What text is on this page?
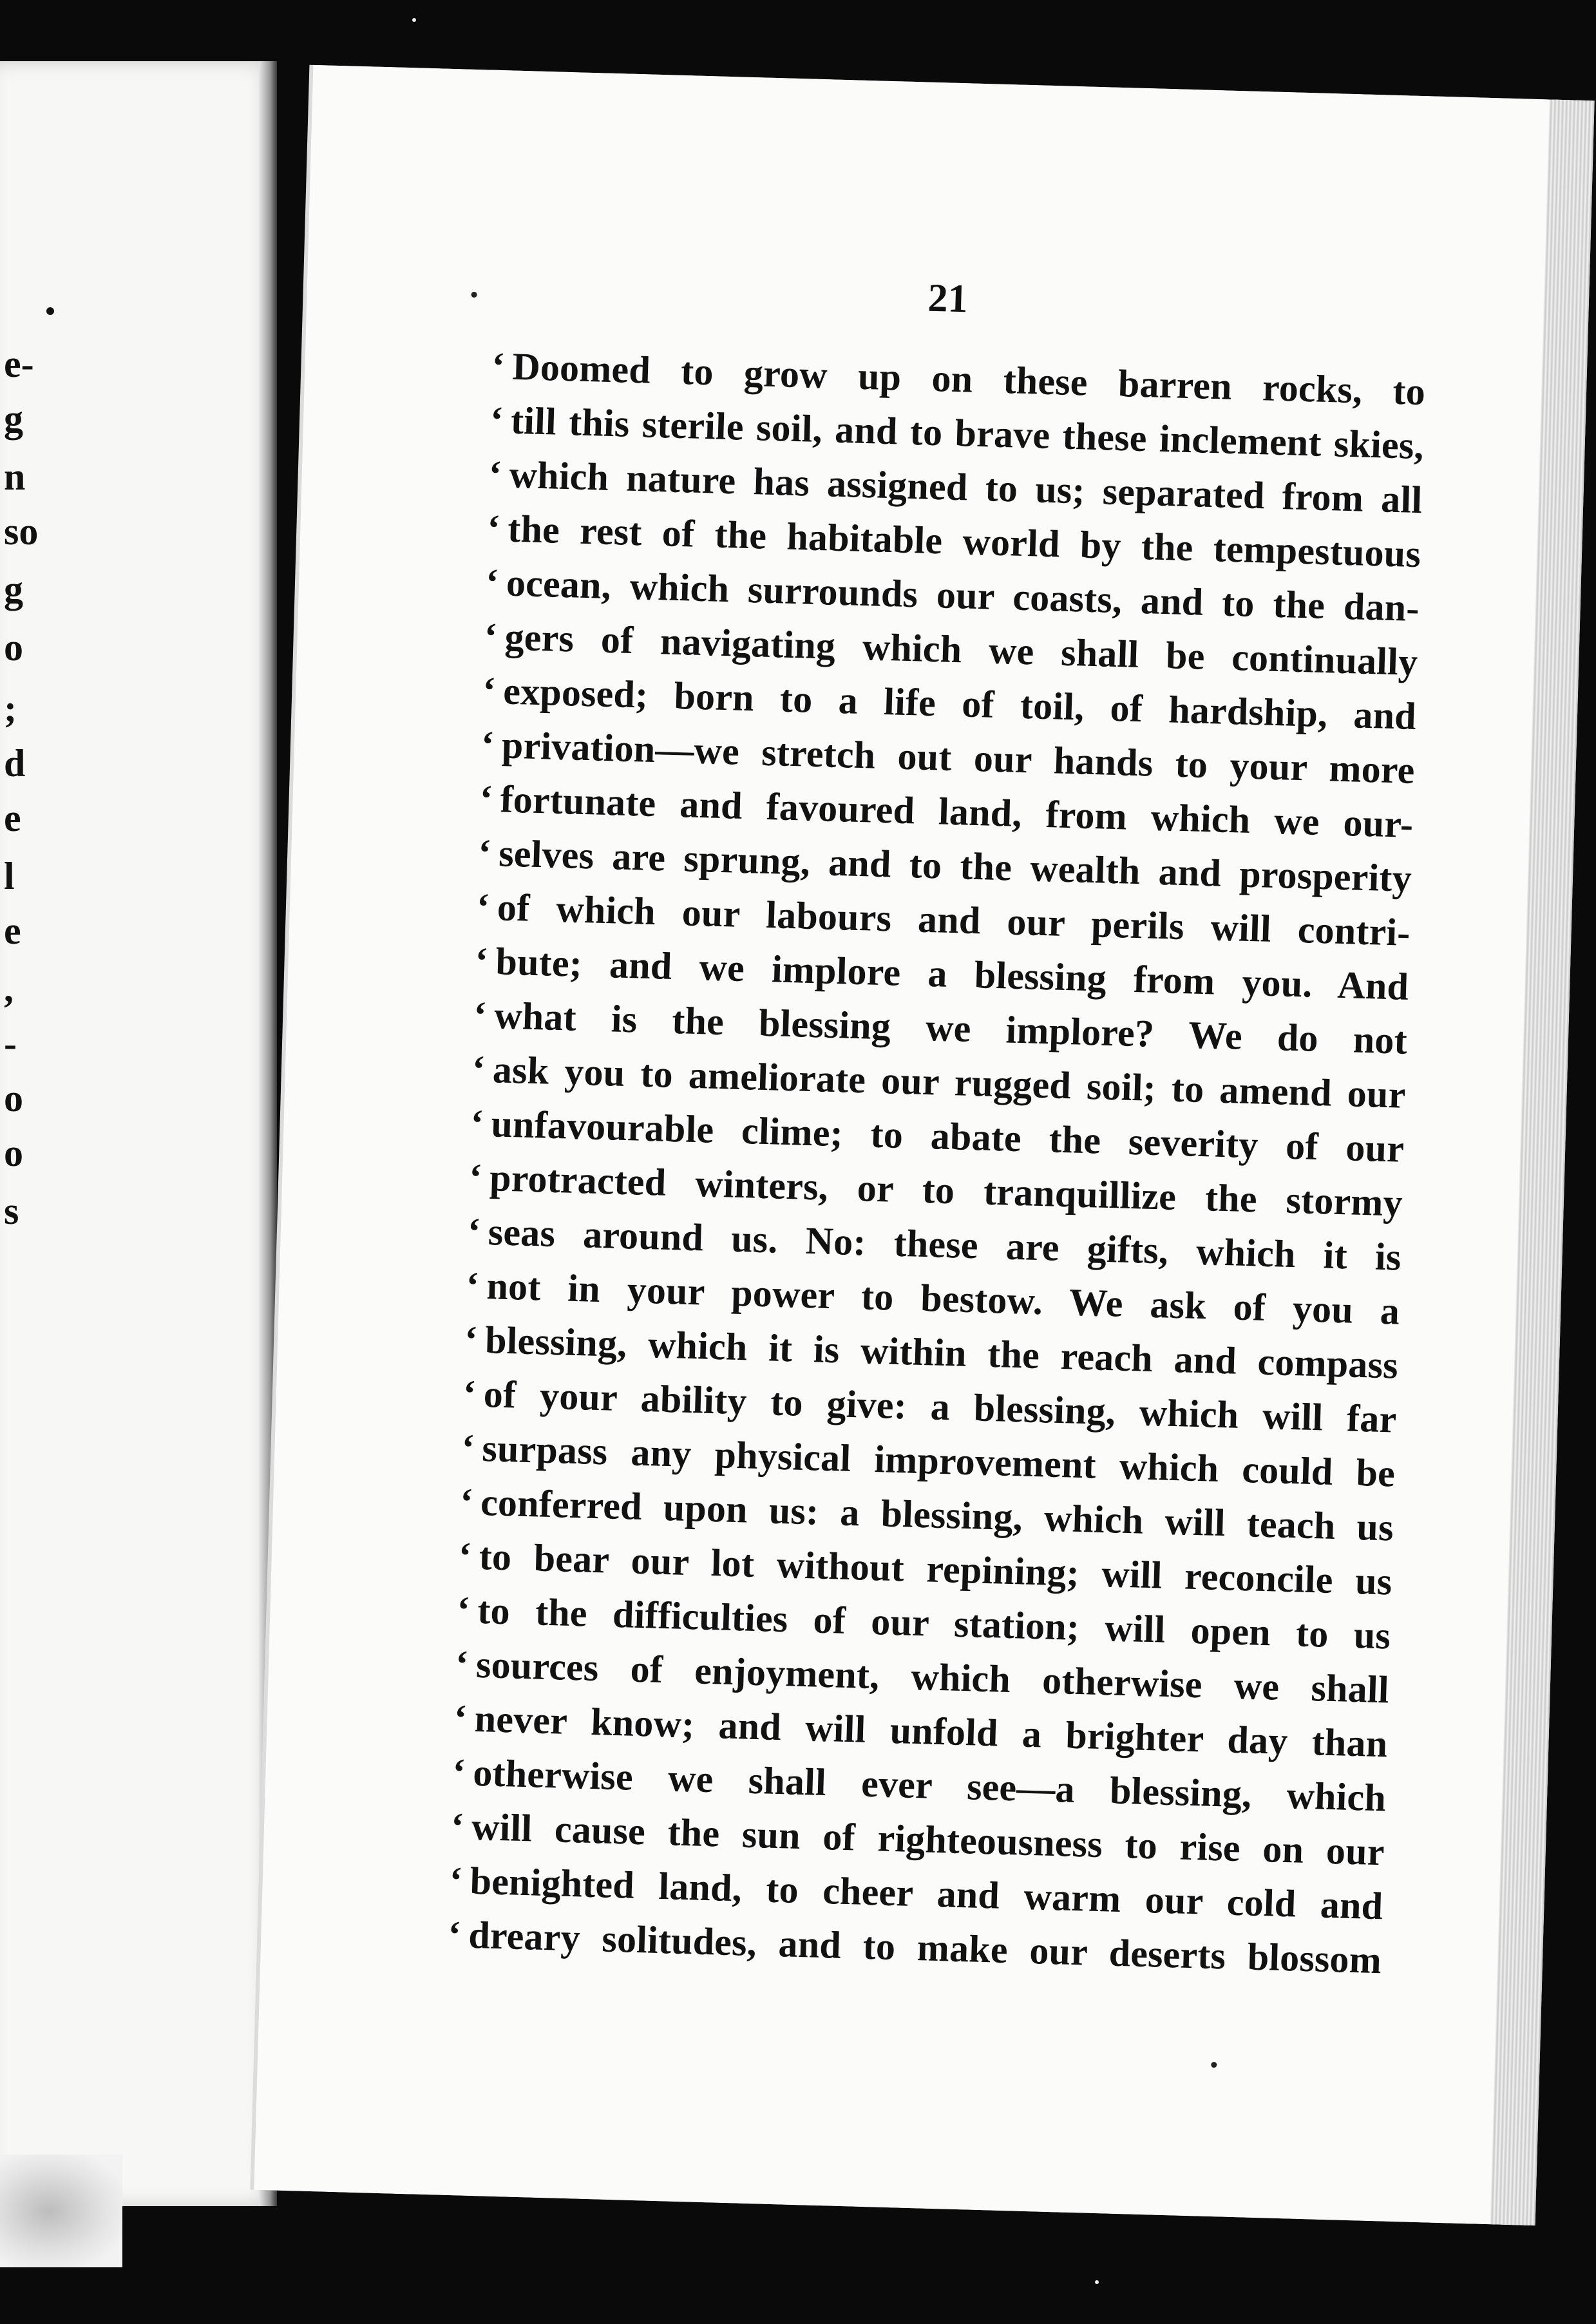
e-
g
n
so
g
o
;
d
e
l
e
,
-
o
o
s
21
‘ Doomed to grow up on these barren rocks, to
‘ till this sterile soil, and to brave these inclement skies,
‘ which nature has assigned to us; separated from all
‘ the rest of the habitable world by the tempestuous
‘ ocean, which surrounds our coasts, and to the dan-
‘ gers of navigating which we shall be continually
‘ exposed; born to a life of toil, of hardship, and
‘ privation—we stretch out our hands to your more
‘ fortunate and favoured land, from which we our-
‘ selves are sprung, and to the wealth and prosperity
‘ of which our labours and our perils will contri-
‘ bute; and we implore a blessing from you. And
‘ what is the blessing we implore? We do not
‘ ask you to ameliorate our rugged soil; to amend our
‘ unfavourable clime; to abate the severity of our
‘ protracted winters, or to tranquillize the stormy
‘ seas around us. No: these are gifts, which it is
‘ not in your power to bestow. We ask of you a
‘ blessing, which it is within the reach and compass
‘ of your ability to give: a blessing, which will far
‘ surpass any physical improvement which could be
‘ conferred upon us: a blessing, which will teach us
‘ to bear our lot without repining; will reconcile us
‘ to the difficulties of our station; will open to us
‘ sources of enjoyment, which otherwise we shall
‘ never know; and will unfold a brighter day than
‘ otherwise we shall ever see—a blessing, which
‘ will cause the sun of righteousness to rise on our
‘ benighted land, to cheer and warm our cold and
‘ dreary solitudes, and to make our deserts blossom
